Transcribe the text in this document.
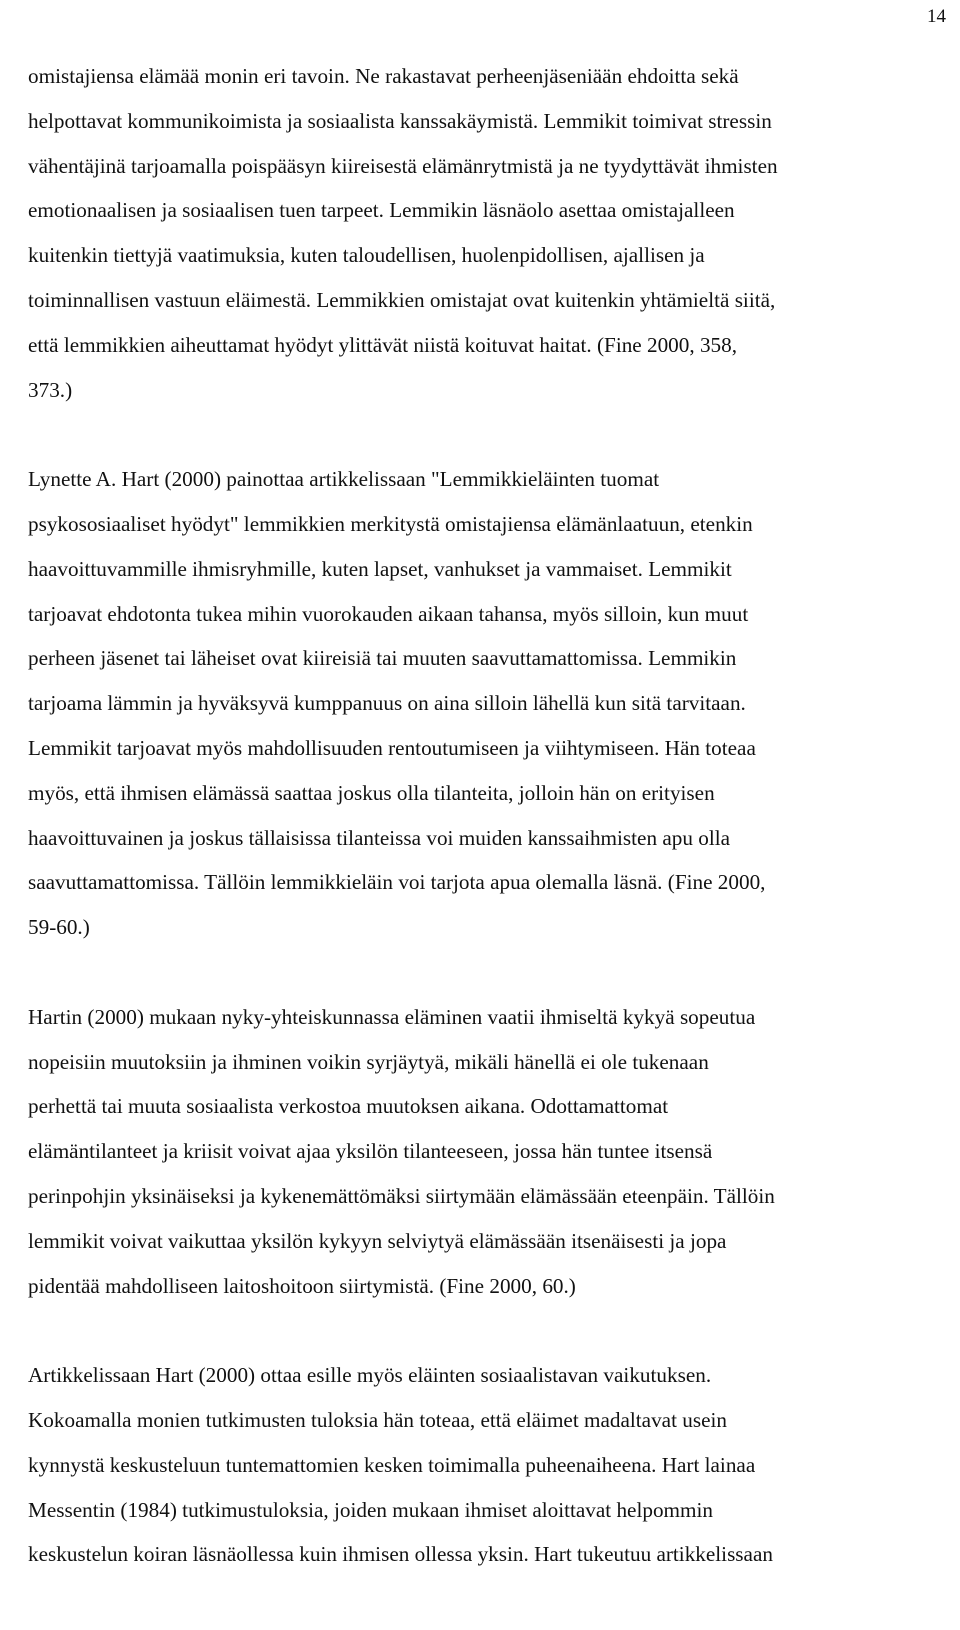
14

omistajiensa elämää monin eri tavoin. Ne rakastavat perheenjäseniään ehdoitta sekä
helpottavat kommunikoimista ja sosiaalista kanssakäymistä. Lemmikit toimivat stressin
vähentäjinä tarjoamalla poispääsyn kiireisestä elämänrytmistä ja ne tyydyttävät ihmisten
emotionaalisen ja sosiaalisen tuen tarpeet. Lemmikin läsnäolo asettaa omistajalleen
kuitenkin tiettyjä vaatimuksia, kuten taloudellisen, huolenpidollisen, ajallisen ja
toiminnallisen vastuun eläimestä. Lemmikkien omistajat ovat kuitenkin yhtämieltä siitä,
että lemmikkien aiheuttamat hyödyt ylittävät niistä koituvat haitat. (Fine 2000, 358,
373.)

Lynette A. Hart (2000) painottaa artikkelissaan "Lemmikkieläinten tuomat
psykososiaaliset hyödyt" lemmikkien merkitystä omistajiensa elämänlaatuun, etenkin
haavoittuvammille ihmisryhmille, kuten lapset, vanhukset ja vammaiset. Lemmikit
tarjoavat ehdotonta tukea mihin vuorokauden aikaan tahansa, myös silloin, kun muut
perheen jäsenet tai läheiset ovat kiireisiä tai muuten saavuttamattomissa. Lemmikin
tarjoama lämmin ja hyväksyvä kumppanuus on aina silloin lähellä kun sitä tarvitaan.
Lemmikit tarjoavat myös mahdollisuuden rentoutumiseen ja viihtymiseen. Hän toteaa
myös, että ihmisen elämässä saattaa joskus olla tilanteita, jolloin hän on erityisen
haavoittuvainen ja joskus tällaisissa tilanteissa voi muiden kanssaihmisten apu olla
saavuttamattomissa. Tällöin lemmikkieläin voi tarjota apua olemalla läsnä. (Fine 2000,
59-60.)

Hartin (2000) mukaan nyky-yhteiskunnassa eläminen vaatii ihmiseltä kykyä sopeutua
nopeisiin muutoksiin ja ihminen voikin syrjäytyä, mikäli hänellä ei ole tukenaan
perhettä tai muuta sosiaalista verkostoa muutoksen aikana. Odottamattomat
elämäntilanteet ja kriisit voivat ajaa yksilön tilanteeseen, jossa hän tuntee itsensä
perinpohjin yksinäiseksi ja kykenemättömäksi siirtymään elämässään eteenpäin. Tällöin
lemmikit voivat vaikuttaa yksilön kykyyn selviytyä elämässään itsenäisesti ja jopa
pidentää mahdolliseen laitoshoitoon siirtymistä. (Fine 2000, 60.)

Artikkelissaan Hart (2000) ottaa esille myös eläinten sosiaalistavan vaikutuksen.
Kokoamalla monien tutkimusten tuloksia hän toteaa, että eläimet madaltavat usein
kynnystä keskusteluun tuntemattomien kesken toimimalla puheenaiheena. Hart lainaa
Messentin (1984) tutkimustuloksia, joiden mukaan ihmiset aloittavat helpommin
keskustelun koiran läsnäollessa kuin ihmisen ollessa yksin. Hart tukeutuu artikkelissaan
